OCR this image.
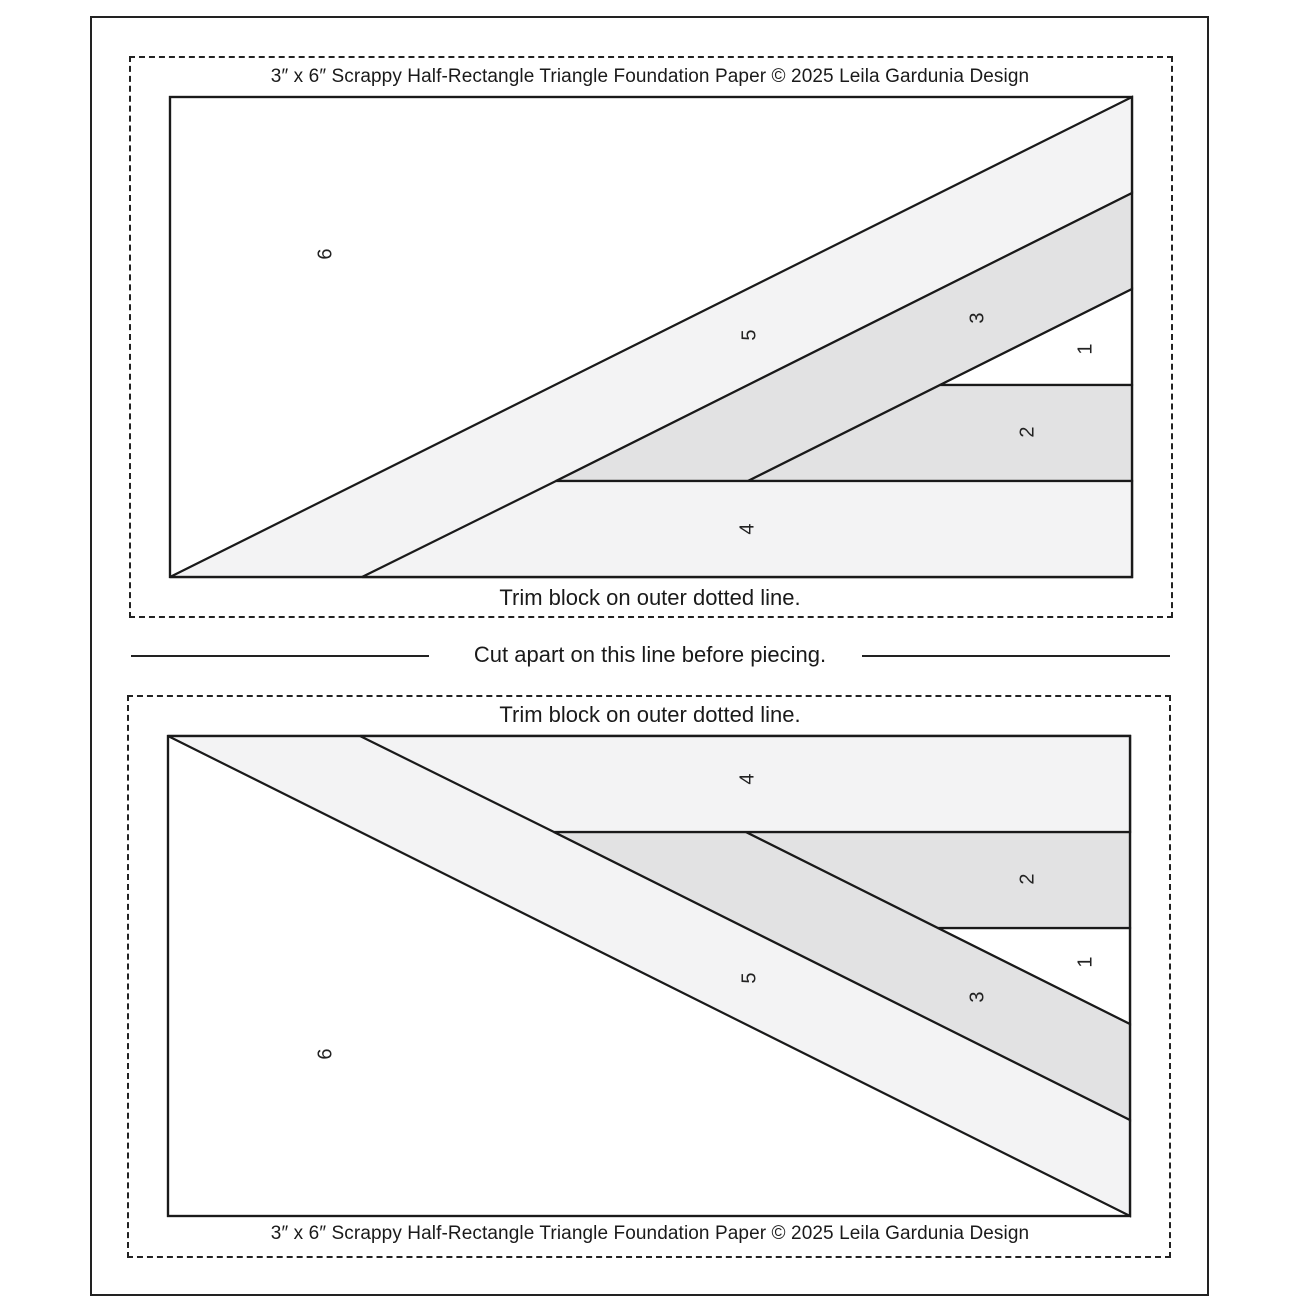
3″ x 6″ Scrappy Half-Rectangle Triangle Foundation Paper © 2025 Leila Gardunia Design
6
5
3
1
2
4
4
2
1
5
3
6
Trim block on outer dotted line.
Cut apart on this line before piecing.
Trim block on outer dotted line.
3″ x 6″ Scrappy Half-Rectangle Triangle Foundation Paper © 2025 Leila Gardunia Design
